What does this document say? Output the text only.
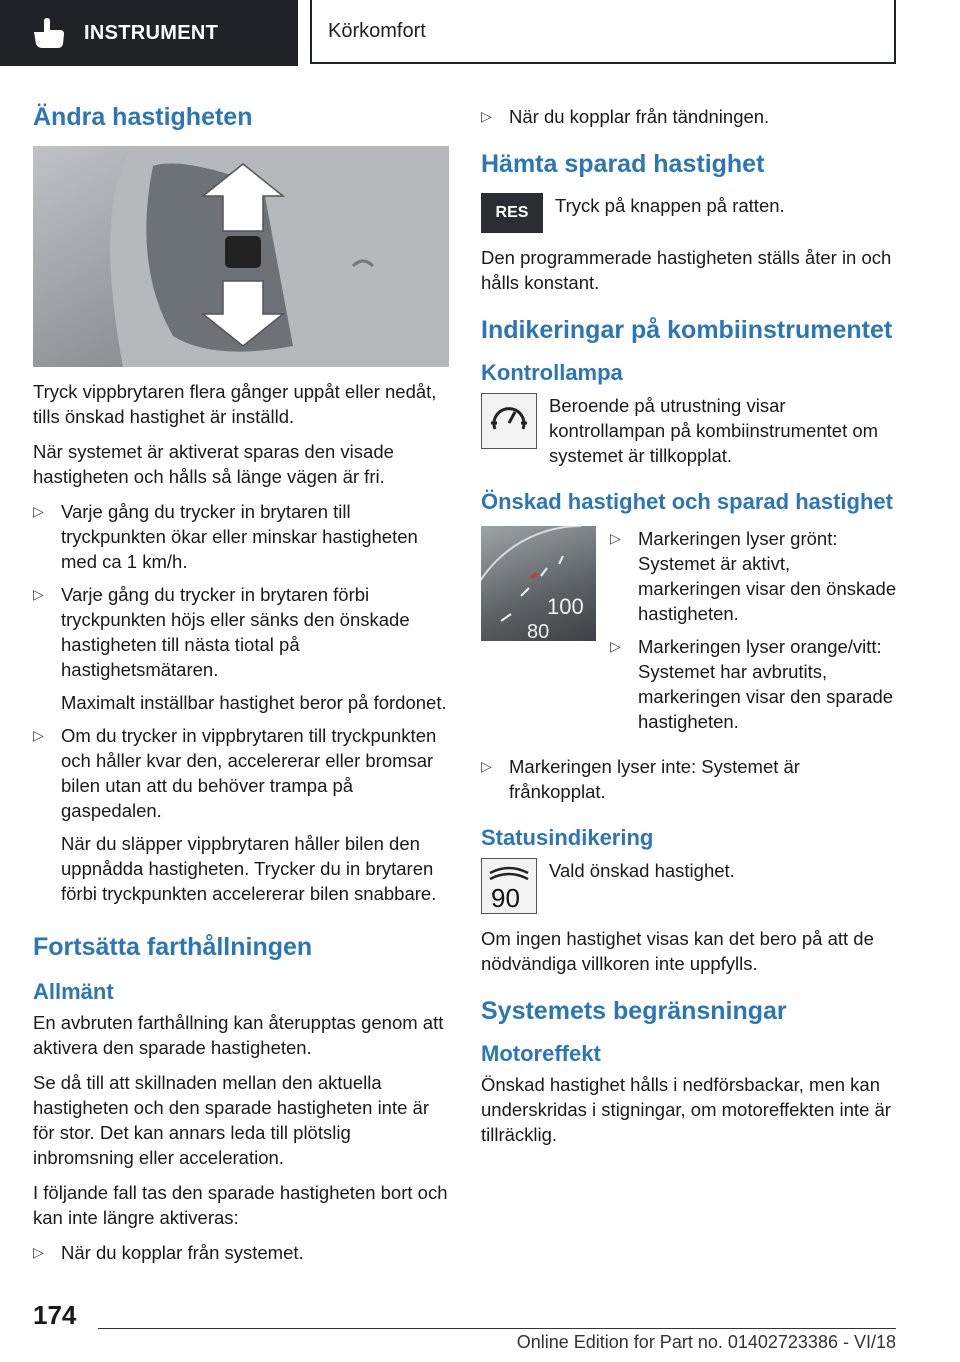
INSTRUMENT	Körkomfort
Ändra hastigheten

Tryck vippbrytaren flera gånger uppåt eller nedåt, tills önskad hastighet är inställd.

När systemet är aktiverat sparas den visade hastigheten och hålls så länge vägen är fri.

▷ Varje gång du trycker in brytaren till tryckpunkten ökar eller minskar hastigheten med ca 1 km/h.
▷ Varje gång du trycker in brytaren förbi tryckpunkten höjs eller sänks den önskade hastigheten till nästa tiotal på hastighetsmätaren.
Maximalt inställbar hastighet beror på fordonet.
▷ Om du trycker in vippbrytaren till tryckpunkten och håller kvar den, accelererar eller bromsar bilen utan att du behöver trampa på gaspedalen.
När du släpper vippbrytaren håller bilen den uppnådda hastigheten. Trycker du in brytaren förbi tryckpunkten accelererar bilen snabbare.
Fortsätta farthållningen
Allmänt

En avbruten farthållning kan återupptas genom att aktivera den sparade hastigheten.

Se då till att skillnaden mellan den aktuella hastigheten och den sparade hastigheten inte är för stor. Det kan annars leda till plötslig inbromsning eller acceleration.

I följande fall tas den sparade hastigheten bort och kan inte längre aktiveras:

▷ När du kopplar från systemet.
▷ När du kopplar från tändningen.
Hämta sparad hastighet
RES	Tryck på knappen på ratten.

Den programmerade hastigheten ställs åter in och hålls konstant.

Indikeringar på kombiinstrumentet
Kontrollampa

Beroende på utrustning visar kontrollampan på kombiinstrumentet om systemet är tillkopplat.

Önskad hastighet och sparad hastighet
100
80
▷ Markeringen lyser grönt: Systemet är aktivt, markeringen visar den önskade hastigheten.
▷ Markeringen lyser orange/vitt: Systemet har avbrutits, markeringen visar den sparade hastigheten.
▷ Markeringen lyser inte: Systemet är frånkopplat.
Statusindikering
90

Vald önskad hastighet.

Om ingen hastighet visas kan det bero på att de nödvändiga villkoren inte uppfylls.

Systemets begränsningar
Motoreffekt

Önskad hastighet hålls i nedförsbackar, men kan underskridas i stigningar, om motoreffekten inte är tillräcklig.

174
Online Edition for Part no. 01402723386 - VI/18
